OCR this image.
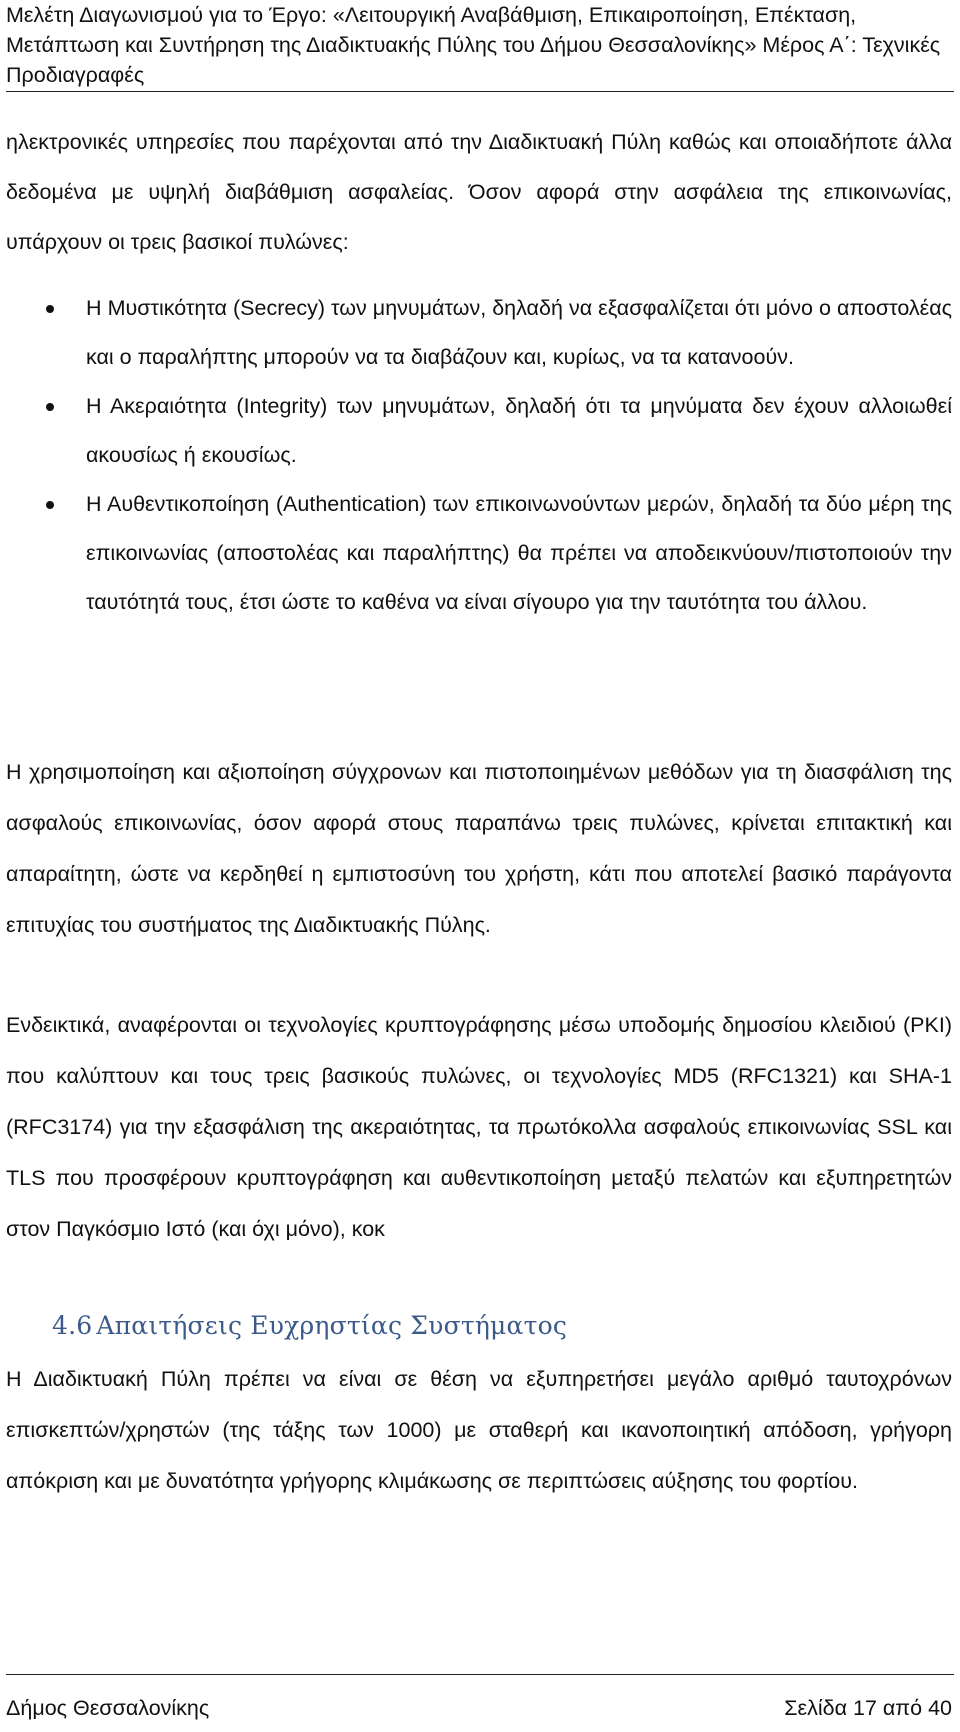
Μελέτη Διαγωνισμού για το Έργο: «Λειτουργική Αναβάθμιση, Επικαιροποίηση, Επέκταση, Μετάπτωση και Συντήρηση της Διαδικτυακής Πύλης του Δήμου Θεσσαλονίκης» Μέρος Α΄: Τεχνικές Προδιαγραφές

ηλεκτρονικές υπηρεσίες που παρέχονται από την Διαδικτυακή Πύλη καθώς και οποιαδήποτε άλλα δεδομένα με υψηλή διαβάθμιση ασφαλείας. Όσον αφορά στην ασφάλεια της επικοινωνίας, υπάρχουν οι τρεις βασικοί πυλώνες:

Η Μυστικότητα (Secrecy) των μηνυμάτων, δηλαδή να εξασφαλίζεται ότι μόνο ο αποστολέας και ο παραλήπτης μπορούν να τα διαβάζουν και, κυρίως, να τα κατανοούν.
Η Ακεραιότητα (Integrity) των μηνυμάτων, δηλαδή ότι τα μηνύματα δεν έχουν αλλοιωθεί ακουσίως ή εκουσίως.
Η Αυθεντικοποίηση (Authentication) των επικοινωνούντων μερών, δηλαδή τα δύο μέρη της επικοινωνίας (αποστολέας και παραλήπτης) θα πρέπει να αποδεικνύουν/πιστοποιούν την ταυτότητά τους, έτσι ώστε το καθένα να είναι σίγουρο για την ταυτότητα του άλλου.

Η χρησιμοποίηση και αξιοποίηση σύγχρονων και πιστοποιημένων μεθόδων για τη διασφάλιση της ασφαλούς επικοινωνίας, όσον αφορά στους παραπάνω τρεις πυλώνες, κρίνεται επιτακτική και απαραίτητη, ώστε να κερδηθεί η εμπιστοσύνη του χρήστη, κάτι που αποτελεί βασικό παράγοντα επιτυχίας του συστήματος της Διαδικτυακής Πύλης.

Ενδεικτικά, αναφέρονται οι τεχνολογίες κρυπτογράφησης μέσω υποδομής δημοσίου κλειδιού (PKI) που καλύπτουν και τους τρεις βασικούς πυλώνες, οι τεχνολογίες MD5 (RFC1321) και SHA-1 (RFC3174) για την εξασφάλιση της ακεραιότητας, τα πρωτόκολλα ασφαλούς επικοινωνίας SSL και TLS που προσφέρουν κρυπτογράφηση και αυθεντικοποίηση μεταξύ πελατών και εξυπηρετητών στον Παγκόσμιο Ιστό (και όχι μόνο), κοκ

4.6 Απαιτήσεις Ευχρηστίας Συστήματος

Η Διαδικτυακή Πύλη πρέπει να είναι σε θέση να εξυπηρετήσει μεγάλο αριθμό ταυτοχρόνων επισκεπτών/χρηστών (της τάξης των 1000) με σταθερή και ικανοποιητική απόδοση, γρήγορη απόκριση και με δυνατότητα γρήγορης κλιμάκωσης σε περιπτώσεις αύξησης του φορτίου.

Δήμος Θεσσαλονίκης	Σελίδα 17 από 40
